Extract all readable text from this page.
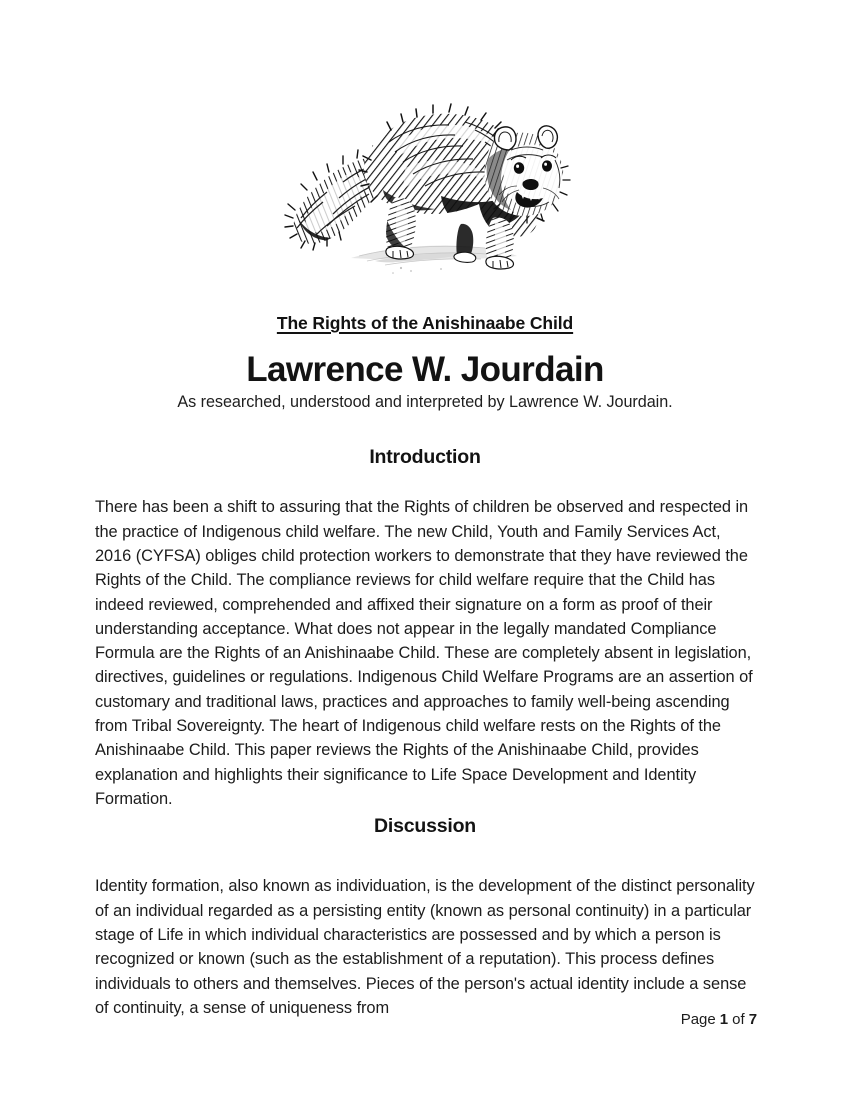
The Rights of the Anishinaabe Child
Lawrence W. Jourdain
As researched, understood and interpreted by Lawrence W. Jourdain.
Introduction

There has been a shift to assuring that the Rights of children be observed and respected in the practice of Indigenous child welfare. The new Child, Youth and Family Services Act, 2016 (CYFSA) obliges child protection workers to demonstrate that they have reviewed the Rights of the Child. The compliance reviews for child welfare require that the Child has indeed reviewed, comprehended and affixed their signature on a form as proof of their understanding acceptance. What does not appear in the legally mandated Compliance Formula are the Rights of an Anishinaabe Child. These are completely absent in legislation, directives, guidelines or regulations. Indigenous Child Welfare Programs are an assertion of customary and traditional laws, practices and approaches to family well-being ascending from Tribal Sovereignty. The heart of Indigenous child welfare rests on the Rights of the Anishinaabe Child. This paper reviews the Rights of the Anishinaabe Child, provides explanation and highlights their significance to Life Space Development and Identity Formation.

Discussion

Identity formation, also known as individuation, is the development of the distinct personality of an individual regarded as a persisting entity (known as personal continuity) in a particular stage of Life in which individual characteristics are possessed and by which a person is recognized or known (such as the establishment of a reputation). This process defines individuals to others and themselves. Pieces of the person's actual identity include a sense of continuity, a sense of uniqueness from

Page 1 of 7
